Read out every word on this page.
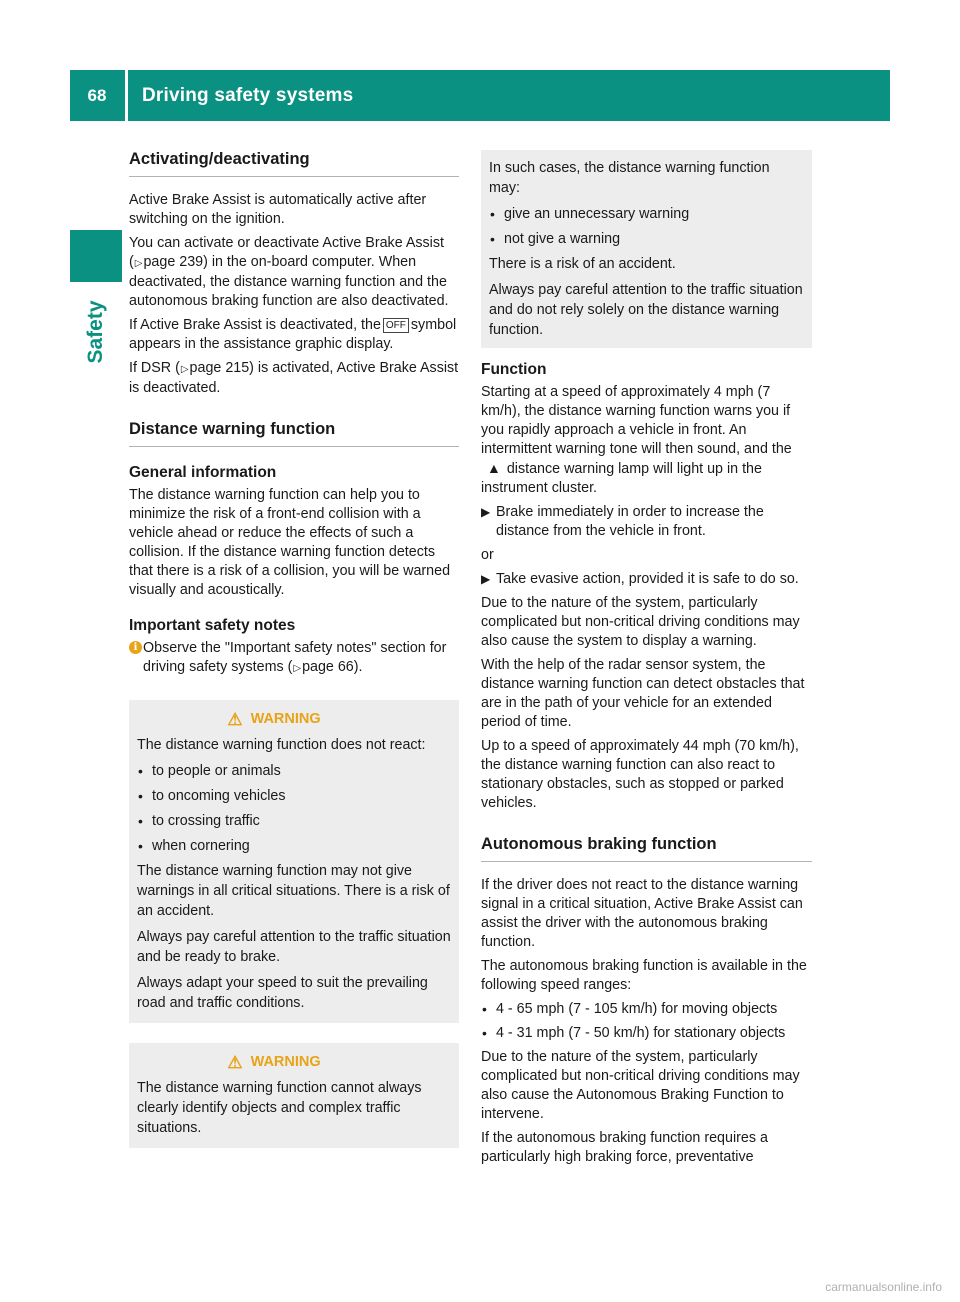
68	Driving safety systems
Safety
Activating/deactivating

Active Brake Assist is automatically active after switching on the ignition.

You can activate or deactivate Active Brake Assist (▷page 239) in the on-board computer. When deactivated, the distance warning function and the autonomous braking function are also deactivated.

If Active Brake Assist is deactivated, the OFF symbol appears in the assistance graphic display.

If DSR (▷page 215) is activated, Active Brake Assist is deactivated.

Distance warning function
General information

The distance warning function can help you to minimize the risk of a front-end collision with a vehicle ahead or reduce the effects of such a collision. If the distance warning function detects that there is a risk of a collision, you will be warned visually and acoustically.

Important safety notes
i Observe the "Important safety notes" section for driving safety systems (▷page 66).
⚠ WARNING

The distance warning function does not react:

• to people or animals
• to oncoming vehicles
• to crossing traffic
• when cornering

The distance warning function may not give warnings in all critical situations. There is a risk of an accident.

Always pay careful attention to the traffic situation and be ready to brake.

Always adapt your speed to suit the prevailing road and traffic conditions.

⚠ WARNING

The distance warning function cannot always clearly identify objects and complex traffic situations.

In such cases, the distance warning function may:

• give an unnecessary warning
• not give a warning

There is a risk of an accident.

Always pay careful attention to the traffic situation and do not rely solely on the distance warning function.

Function

Starting at a speed of approximately 4 mph (7 km/h), the distance warning function warns you if you rapidly approach a vehicle in front. An intermittent warning tone will then sound, and the▲ distance warning lamp will light up in the instrument cluster.

▶ Brake immediately in order to increase the distance from the vehicle in front.

or

▶ Take evasive action, provided it is safe to do so.

Due to the nature of the system, particularly complicated but non-critical driving conditions may also cause the system to display a warning.

With the help of the radar sensor system, the distance warning function can detect obstacles that are in the path of your vehicle for an extended period of time.

Up to a speed of approximately 44 mph (70 km/h), the distance warning function can also react to stationary obstacles, such as stopped or parked vehicles.

Autonomous braking function

If the driver does not react to the distance warning signal in a critical situation, Active Brake Assist can assist the driver with the autonomous braking function.

The autonomous braking function is available in the following speed ranges:

• 4 - 65 mph (7 - 105 km/h) for moving objects
• 4 - 31 mph (7 - 50 km/h) for stationary objects

Due to the nature of the system, particularly complicated but non-critical driving conditions may also cause the Autonomous Braking Function to intervene.

If the autonomous braking function requires a particularly high braking force, preventative

carmanualsonline.info
